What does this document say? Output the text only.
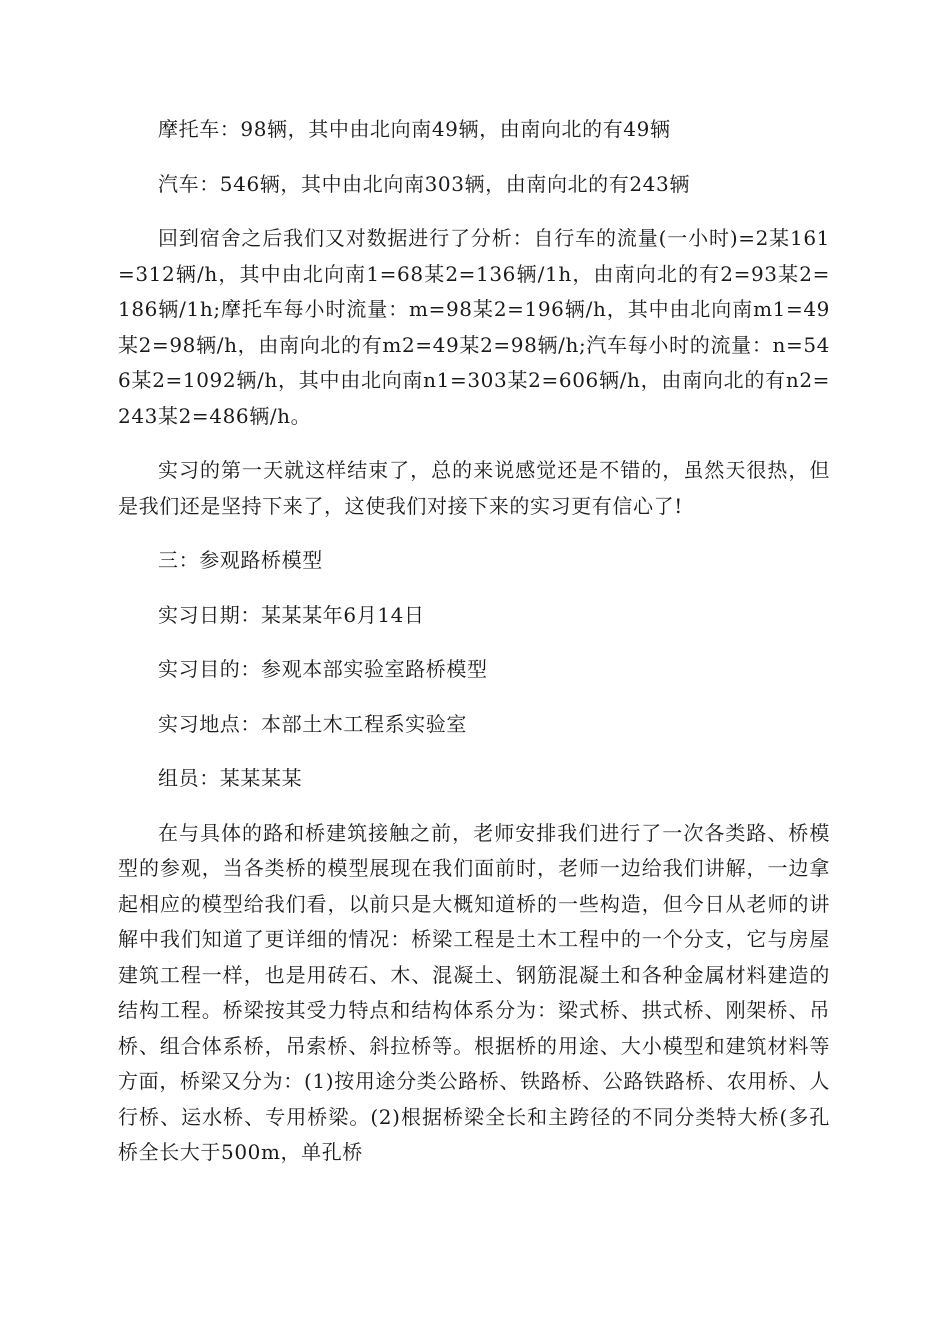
摩托车：98辆，其中由北向南49辆，由南向北的有49辆

汽车：546辆，其中由北向南303辆，由南向北的有243辆

回到宿舍之后我们又对数据进行了分析：自行车的流量(一小时)=2某161=312辆/h，其中由北向南1=68某2=136辆/1h，由南向北的有2=93某2=186辆/1h;摩托车每小时流量：m=98某2=196辆/h，其中由北向南m1=49某2=98辆/h，由南向北的有m2=49某2=98辆/h;汽车每小时的流量：n=546某2=1092辆/h，其中由北向南n1=303某2=606辆/h，由南向北的有n2=243某2=486辆/h。

实习的第一天就这样结束了，总的来说感觉还是不错的，虽然天很热，但是我们还是坚持下来了，这使我们对接下来的实习更有信心了!

三：参观路桥模型

实习日期：某某某年6月14日

实习目的：参观本部实验室路桥模型

实习地点：本部土木工程系实验室

组员：某某某某

在与具体的路和桥建筑接触之前，老师安排我们进行了一次各类路、桥模型的参观，当各类桥的模型展现在我们面前时，老师一边给我们讲解，一边拿起相应的模型给我们看，以前只是大概知道桥的一些构造，但今日从老师的讲解中我们知道了更详细的情况：桥梁工程是土木工程中的一个分支，它与房屋建筑工程一样，也是用砖石、木、混凝土、钢筋混凝土和各种金属材料建造的结构工程。桥梁按其受力特点和结构体系分为：梁式桥、拱式桥、刚架桥、吊桥、组合体系桥，吊索桥、斜拉桥等。根据桥的用途、大小模型和建筑材料等方面，桥梁又分为：(1)按用途分类公路桥、铁路桥、公路铁路桥、农用桥、人行桥、运水桥、专用桥梁。(2)根据桥梁全长和主跨径的不同分类特大桥(多孔桥全长大于500m，单孔桥
